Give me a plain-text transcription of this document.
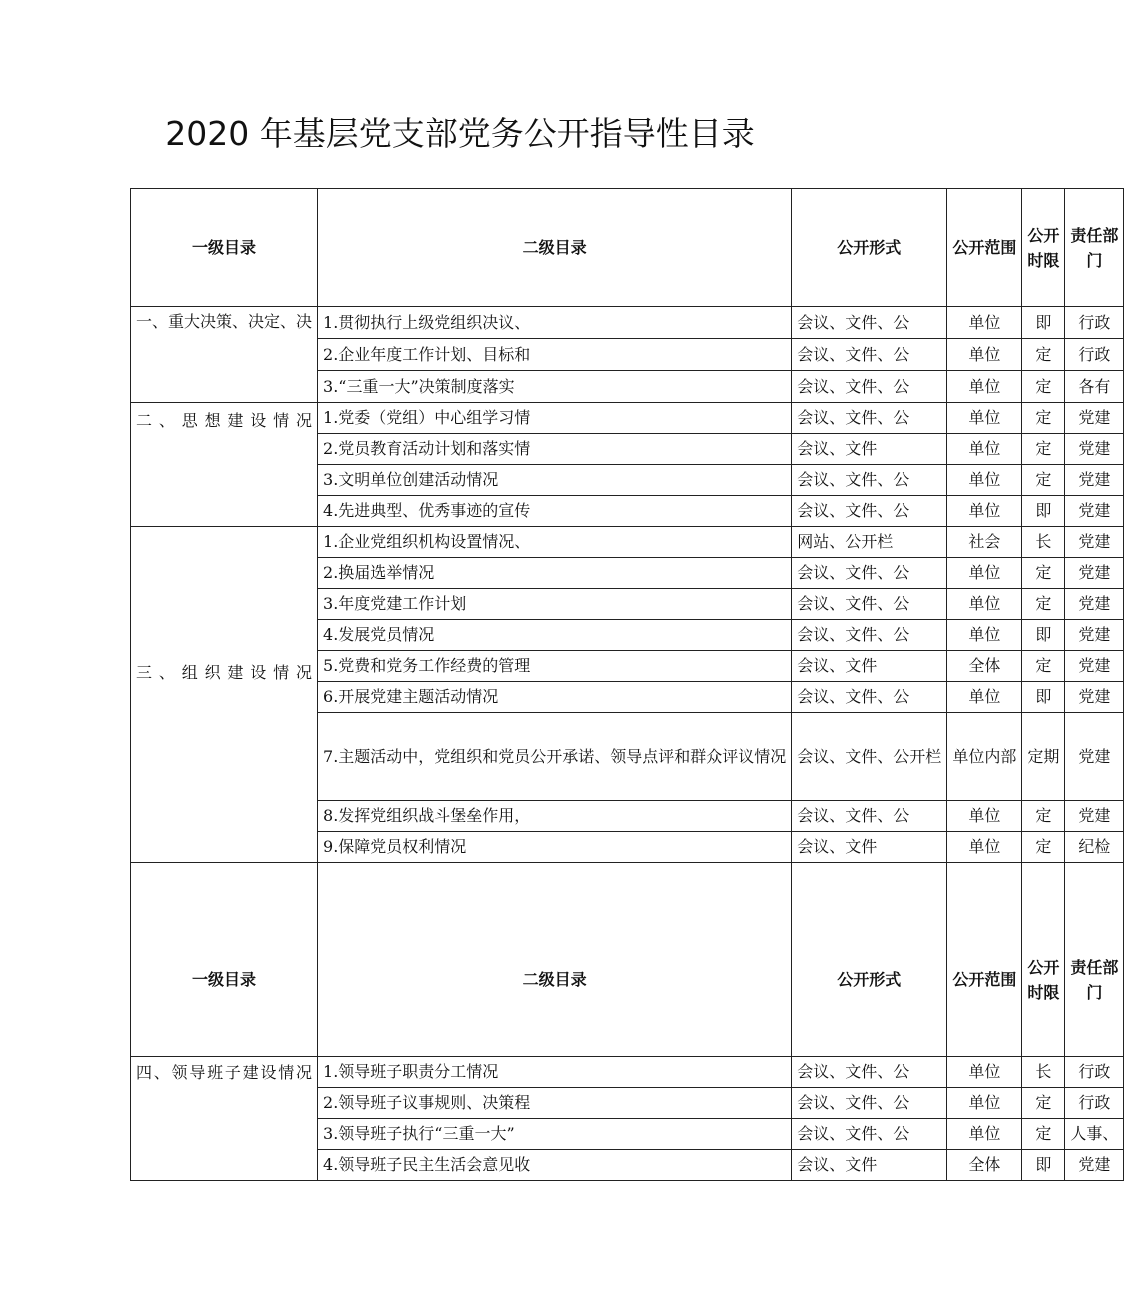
2020 年基层党支部党务公开指导性目录
一级目录	二级目录	公开形式	公开范围	公开时限	责任部门

一、重大决策、决定、决	1.贯彻执行上级党组织决议、	会议、文件、公	单位	即	行政
	2.企业年度工作计划、目标和	会议、文件、公	单位	定	行政
	3.“三重一大”决策制度落实	会议、文件、公	单位	定	各有

二、思想建设情况	1.党委（党组）中心组学习情	会议、文件、公	单位	定	党建
	2.党员教育活动计划和落实情	会议、文件	单位	定	党建
	3.文明单位创建活动情况	会议、文件、公	单位	定	党建
	4.先进典型、优秀事迹的宣传	会议、文件、公	单位	即	党建

三、组织建设情况	1.企业党组织机构设置情况、	网站、公开栏	社会	长	党建
	2.换届选举情况	会议、文件、公	单位	定	党建
	3.年度党建工作计划	会议、文件、公	单位	定	党建
	4.发展党员情况	会议、文件、公	单位	即	党建
	5.党费和党务工作经费的管理	会议、文件	全体	定	党建
	6.开展党建主题活动情况	会议、文件、公	单位	即	党建
	7.主题活动中，党组织和党员公开承诺、领导点评和群众评议情况	会议、文件、公开栏	单位内部	定期	党建
	8.发挥党组织战斗堡垒作用，	会议、文件、公	单位	定	党建
	9.保障党员权利情况	会议、文件	单位	定	纪检
一级目录	二级目录	公开形式	公开范围	公开时限	责任部门

四、领导班子建设情况	1.领导班子职责分工情况	会议、文件、公	单位	长	行政
	2.领导班子议事规则、决策程	会议、文件、公	单位	定	行政
	3.领导班子执行“三重一大”	会议、文件、公	单位	定	人事、
	4.领导班子民主生活会意见收	会议、文件	全体	即	党建
